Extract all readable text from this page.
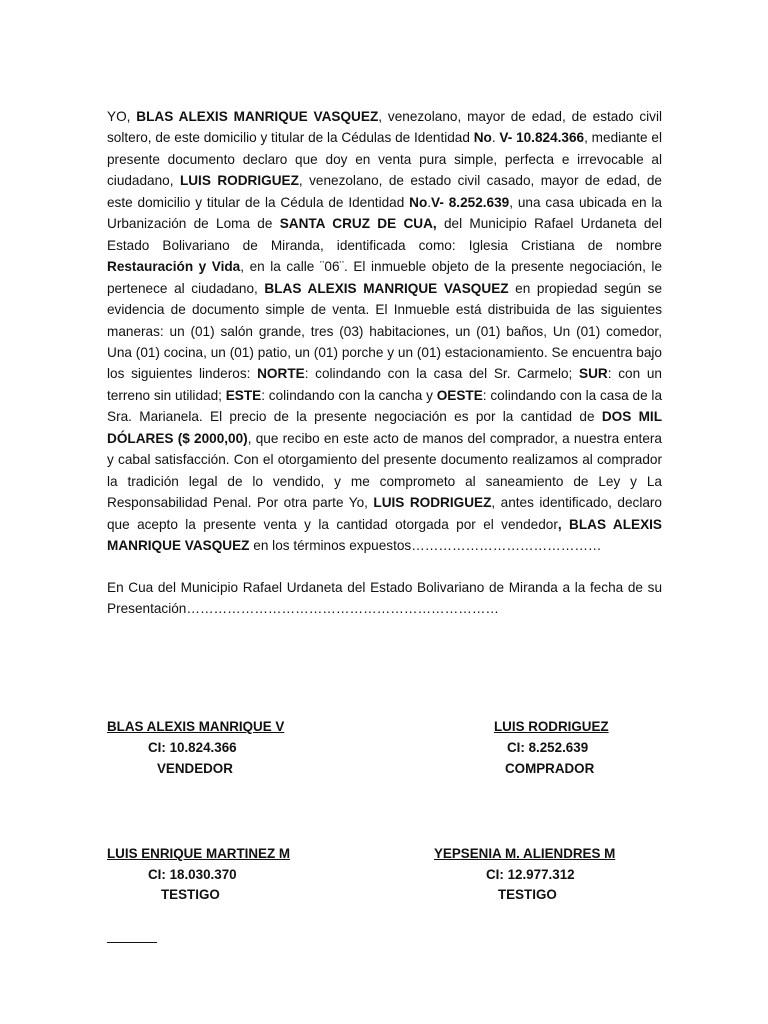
YO, BLAS ALEXIS MANRIQUE VASQUEZ, venezolano, mayor de edad, de estado civil soltero, de este domicilio y titular de la Cédulas de Identidad No. V- 10.824.366, mediante el presente documento declaro que doy en venta pura simple, perfecta e irrevocable al ciudadano, LUIS RODRIGUEZ, venezolano, de estado civil casado, mayor de edad, de este domicilio y titular de la Cédula de Identidad No.V- 8.252.639, una casa ubicada en la Urbanización de Loma de SANTA CRUZ DE CUA, del Municipio Rafael Urdaneta del Estado Bolivariano de Miranda, identificada como: Iglesia Cristiana de nombre Restauración y Vida, en la calle ¨06¨. El inmueble objeto de la presente negociación, le pertenece al ciudadano, BLAS ALEXIS MANRIQUE VASQUEZ en propiedad según se evidencia de documento simple de venta. El Inmueble está distribuida de las siguientes maneras: un (01) salón grande, tres (03) habitaciones, un (01) baños, Un (01) comedor, Una (01) cocina, un (01) patio, un (01) porche y un (01) estacionamiento. Se encuentra bajo los siguientes linderos: NORTE: colindando con la casa del Sr. Carmelo; SUR: con un terreno sin utilidad; ESTE: colindando con la cancha y OESTE: colindando con la casa de la Sra. Marianela. El precio de la presente negociación es por la cantidad de DOS MIL DÓLARES ($ 2000,00), que recibo en este acto de manos del comprador, a nuestra entera y cabal satisfacción. Con el otorgamiento del presente documento realizamos al comprador la tradición legal de lo vendido, y me comprometo al saneamiento de Ley y La Responsabilidad Penal. Por otra parte Yo, LUIS RODRIGUEZ, antes identificado, declaro que acepto la presente venta y la cantidad otorgada por el vendedor, BLAS ALEXIS MANRIQUE VASQUEZ en los términos expuestos……………………………………

En Cua del Municipio Rafael Urdaneta del Estado Bolivariano de Miranda a la fecha de su Presentación……………………………………………………………

BLAS ALEXIS MANRIQUE V
CI: 10.824.366
VENDEDOR
LUIS RODRIGUEZ
CI: 8.252.639
COMPRADOR
LUIS ENRIQUE MARTINEZ M
CI: 18.030.370
TESTIGO
YEPSENIA M. ALIENDRES M
CI: 12.977.312
TESTIGO
